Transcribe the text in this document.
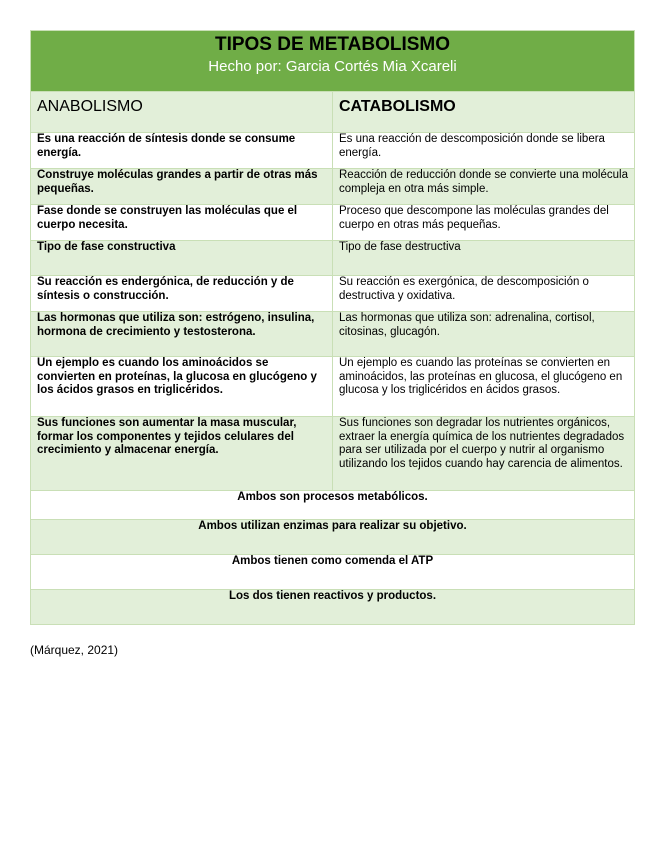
TIPOS DE METABOLISMO
Hecho por: Garcia Cortés Mia Xcareli	

ANABOLISMO	CATABOLISMO
Es una reacción de síntesis donde se consume energía.	Es una reacción de descomposición donde se libera energía.
Construye moléculas grandes a partir de otras más pequeñas.	Reacción de reducción donde se convierte una molécula compleja en otra más simple.
Fase donde se construyen las moléculas que el cuerpo necesita.	Proceso que descompone las moléculas grandes del cuerpo en otras más pequeñas.
Tipo de fase constructiva	Tipo de fase destructiva
Su reacción es endergónica, de reducción y de síntesis o construcción.	Su reacción es exergónica, de descomposición o destructiva y oxidativa.
Las hormonas que utiliza son: estrógeno, insulina, hormona de crecimiento y testosterona.	Las hormonas que utiliza son: adrenalina, cortisol, citosinas, glucagón.
Un ejemplo es cuando los aminoácidos se convierten en proteínas, la glucosa en glucógeno y los ácidos grasos en triglicéridos.	Un ejemplo es cuando las proteínas se convierten en aminoácidos, las proteínas en glucosa, el glucógeno en glucosa y los triglicéridos en ácidos grasos.
Sus funciones son aumentar la masa muscular, formar los componentes y tejidos celulares del crecimiento y almacenar energía.	Sus funciones son degradar los nutrientes orgánicos, extraer la energía química de los nutrientes degradados para ser utilizada por el cuerpo y nutrir al organismo utilizando los tejidos cuando hay carencia de alimentos.
Ambos son procesos metabólicos.	
Ambos utilizan enzimas para realizar su objetivo.	
Ambos tienen como comenda el ATP	
Los dos tienen reactivos y productos.	
(Márquez, 2021)
